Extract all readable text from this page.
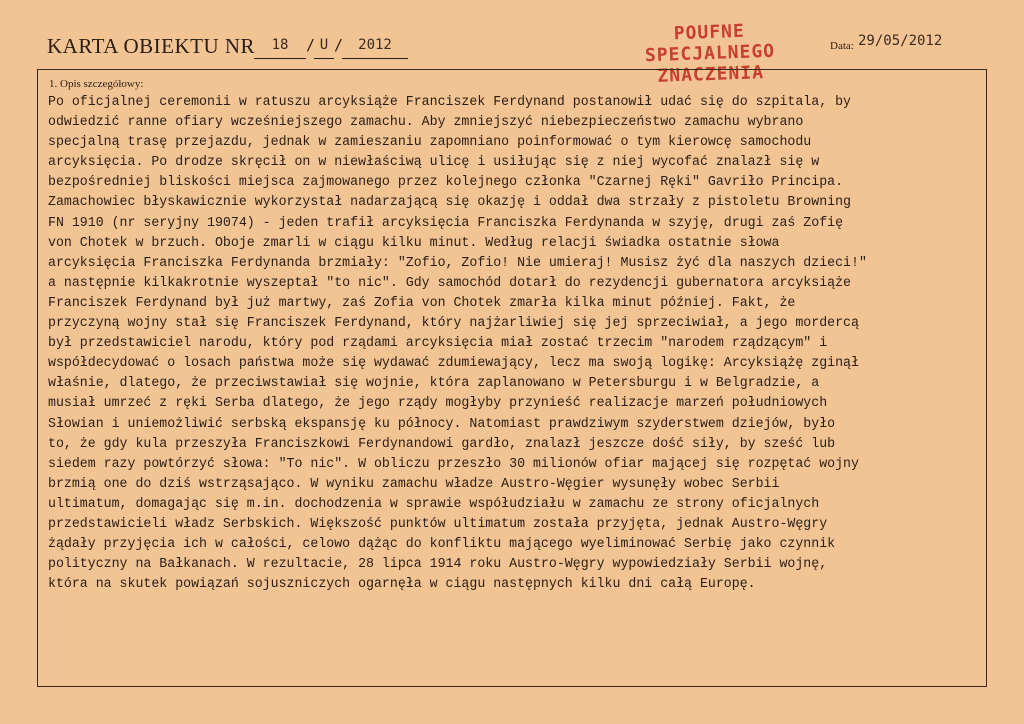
KARTA OBIEKTU NR	18	/ U /	2012
POUFNE
SPECJALNEGO
ZNACZENIA
Data: 29/05/2012
1. Opis szczegółowy:
Po oficjalnej ceremonii w ratuszu arcyksiąże Franciszek Ferdynand postanowił udać się do szpitala, by
odwiedzić ranne ofiary wcześniejszego zamachu. Aby zmniejszyć niebezpieczeństwo zamachu wybrano
specjalną trasę przejazdu, jednak w zamieszaniu zapomniano poinformować o tym kierowcę samochodu
arcyksięcia. Po drodze skręcił on w niewłaściwą ulicę i usiłując się z niej wycofać znalazł się w
bezpośredniej bliskości miejsca zajmowanego przez kolejnego członka "Czarnej Ręki" Gavriło Principa.
Zamachowiec błyskawicznie wykorzystał nadarzającą się okazję i oddał dwa strzały z pistoletu Browning
FN 1910 (nr seryjny 19074) - jeden trafił arcyksięcia Franciszka Ferdynanda w szyję, drugi zaś Zofię
von Chotek w brzuch. Oboje zmarli w ciągu kilku minut. Według relacji świadka ostatnie słowa
arcyksięcia Franciszka Ferdynanda brzmiały: "Zofio, Zofio! Nie umieraj! Musisz żyć dla naszych dzieci!"
a następnie kilkakrotnie wyszeptał "to nic". Gdy samochód dotarł do rezydencji gubernatora arcyksiąże
Franciszek Ferdynand był już martwy, zaś Zofia von Chotek zmarła kilka minut później. Fakt, że
przyczyną wojny stał się Franciszek Ferdynand, który najżarliwiej się jej sprzeciwiał, a jego mordercą
był przedstawiciel narodu, który pod rządami arcyksięcia miał zostać trzecim "narodem rządzącym" i
współdecydować o losach państwa może się wydawać zdumiewający, lecz ma swoją logikę: Arcyksiążę zginął
właśnie, dlatego, że przeciwstawiał się wojnie, która zaplanowano w Petersburgu i w Belgradzie, a
musiał umrzeć z ręki Serba dlatego, że jego rządy mogłyby przynieść realizacje marzeń południowych
Słowian i uniemożliwić serbską ekspansję ku północy. Natomiast prawdziwym szyderstwem dziejów, było
to, że gdy kula przeszyła Franciszkowi Ferdynandowi gardło, znalazł jeszcze dość siły, by sześć lub
siedem razy powtórzyć słowa: "To nic". W obliczu przeszło 30 milionów ofiar mającej się rozpętać wojny
brzmią one do dziś wstrząsająco. W wyniku zamachu władze Austro-Węgier wysunęły wobec Serbii
ultimatum, domagając się m.in. dochodzenia w sprawie współudziału w zamachu ze strony oficjalnych
przedstawicieli władz Serbskich. Większość punktów ultimatum została przyjęta, jednak Austro-Węgry
żądały przyjęcia ich w całości, celowo dążąc do konfliktu mającego wyeliminować Serbię jako czynnik
polityczny na Bałkanach. W rezultacie, 28 lipca 1914 roku Austro-Węgry wypowiedziały Serbii wojnę,
która na skutek powiązań sojuszniczych ogarnęła w ciągu następnych kilku dni całą Europę.
